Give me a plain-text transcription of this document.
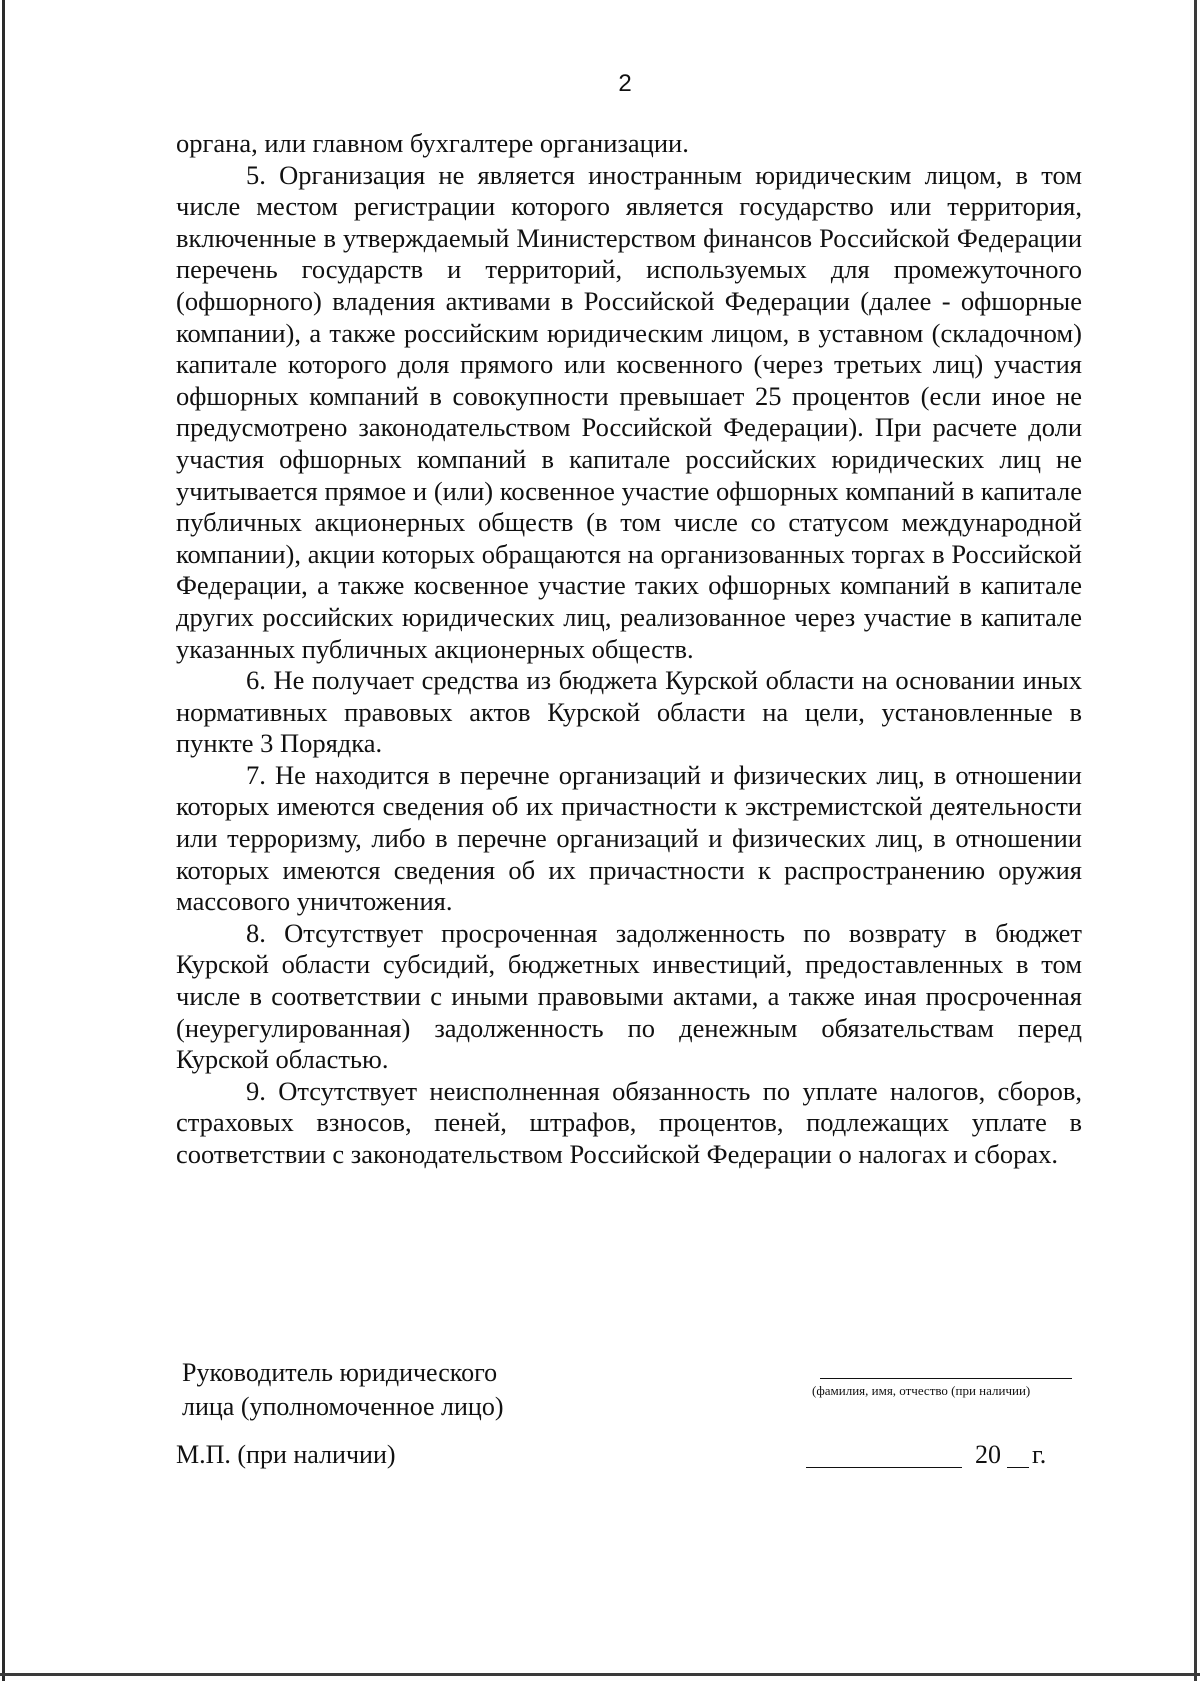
2

органа, или главном бухгалтере организации.

5. Организация не является иностранным юридическим лицом, в том числе местом регистрации которого является государство или территория, включенные в утверждаемый Министерством финансов Российской Федерации перечень государств и территорий, используемых для промежуточного (офшорного) владения активами в Российской Федерации (далее - офшорные компании), а также российским юридическим лицом, в уставном (складочном) капитале которого доля прямого или косвенного (через третьих лиц) участия офшорных компаний в совокупности превышает 25 процентов (если иное не предусмотрено законодательством Российской Федерации). При расчете доли участия офшорных компаний в капитале российских юридических лиц не учитывается прямое и (или) косвенное участие офшорных компаний в капитале публичных акционерных обществ (в том числе со статусом международной компании), акции которых обращаются на организованных торгах в Российской Федерации, а также косвенное участие таких офшорных компаний в капитале других российских юридических лиц, реализованное через участие в капитале указанных публичных акционерных обществ.

6. Не получает средства из бюджета Курской области на основании иных нормативных правовых актов Курской области на цели, установленные в пункте 3 Порядка.

7. Не находится в перечне организаций и физических лиц, в отношении которых имеются сведения об их причастности к экстремистской деятельности или терроризму, либо в перечне организаций и физических лиц, в отношении которых имеются сведения об их причастности к распространению оружия массового уничтожения.

8. Отсутствует просроченная задолженность по возврату в бюджет Курской области субсидий, бюджетных инвестиций, предоставленных в том числе в соответствии с иными правовыми актами, а также иная просроченная (неурегулированная) задолженность по денежным обязательствам перед Курской областью.

9. Отсутствует неисполненная обязанность по уплате налогов, сборов, страховых взносов, пеней, штрафов, процентов, подлежащих уплате в соответствии с законодательством Российской Федерации о налогах и сборах.

Руководитель юридического
лица (уполномоченное лицо)
(фамилия, имя, отчество (при наличии)
М.П. (при наличии)	20 г.
